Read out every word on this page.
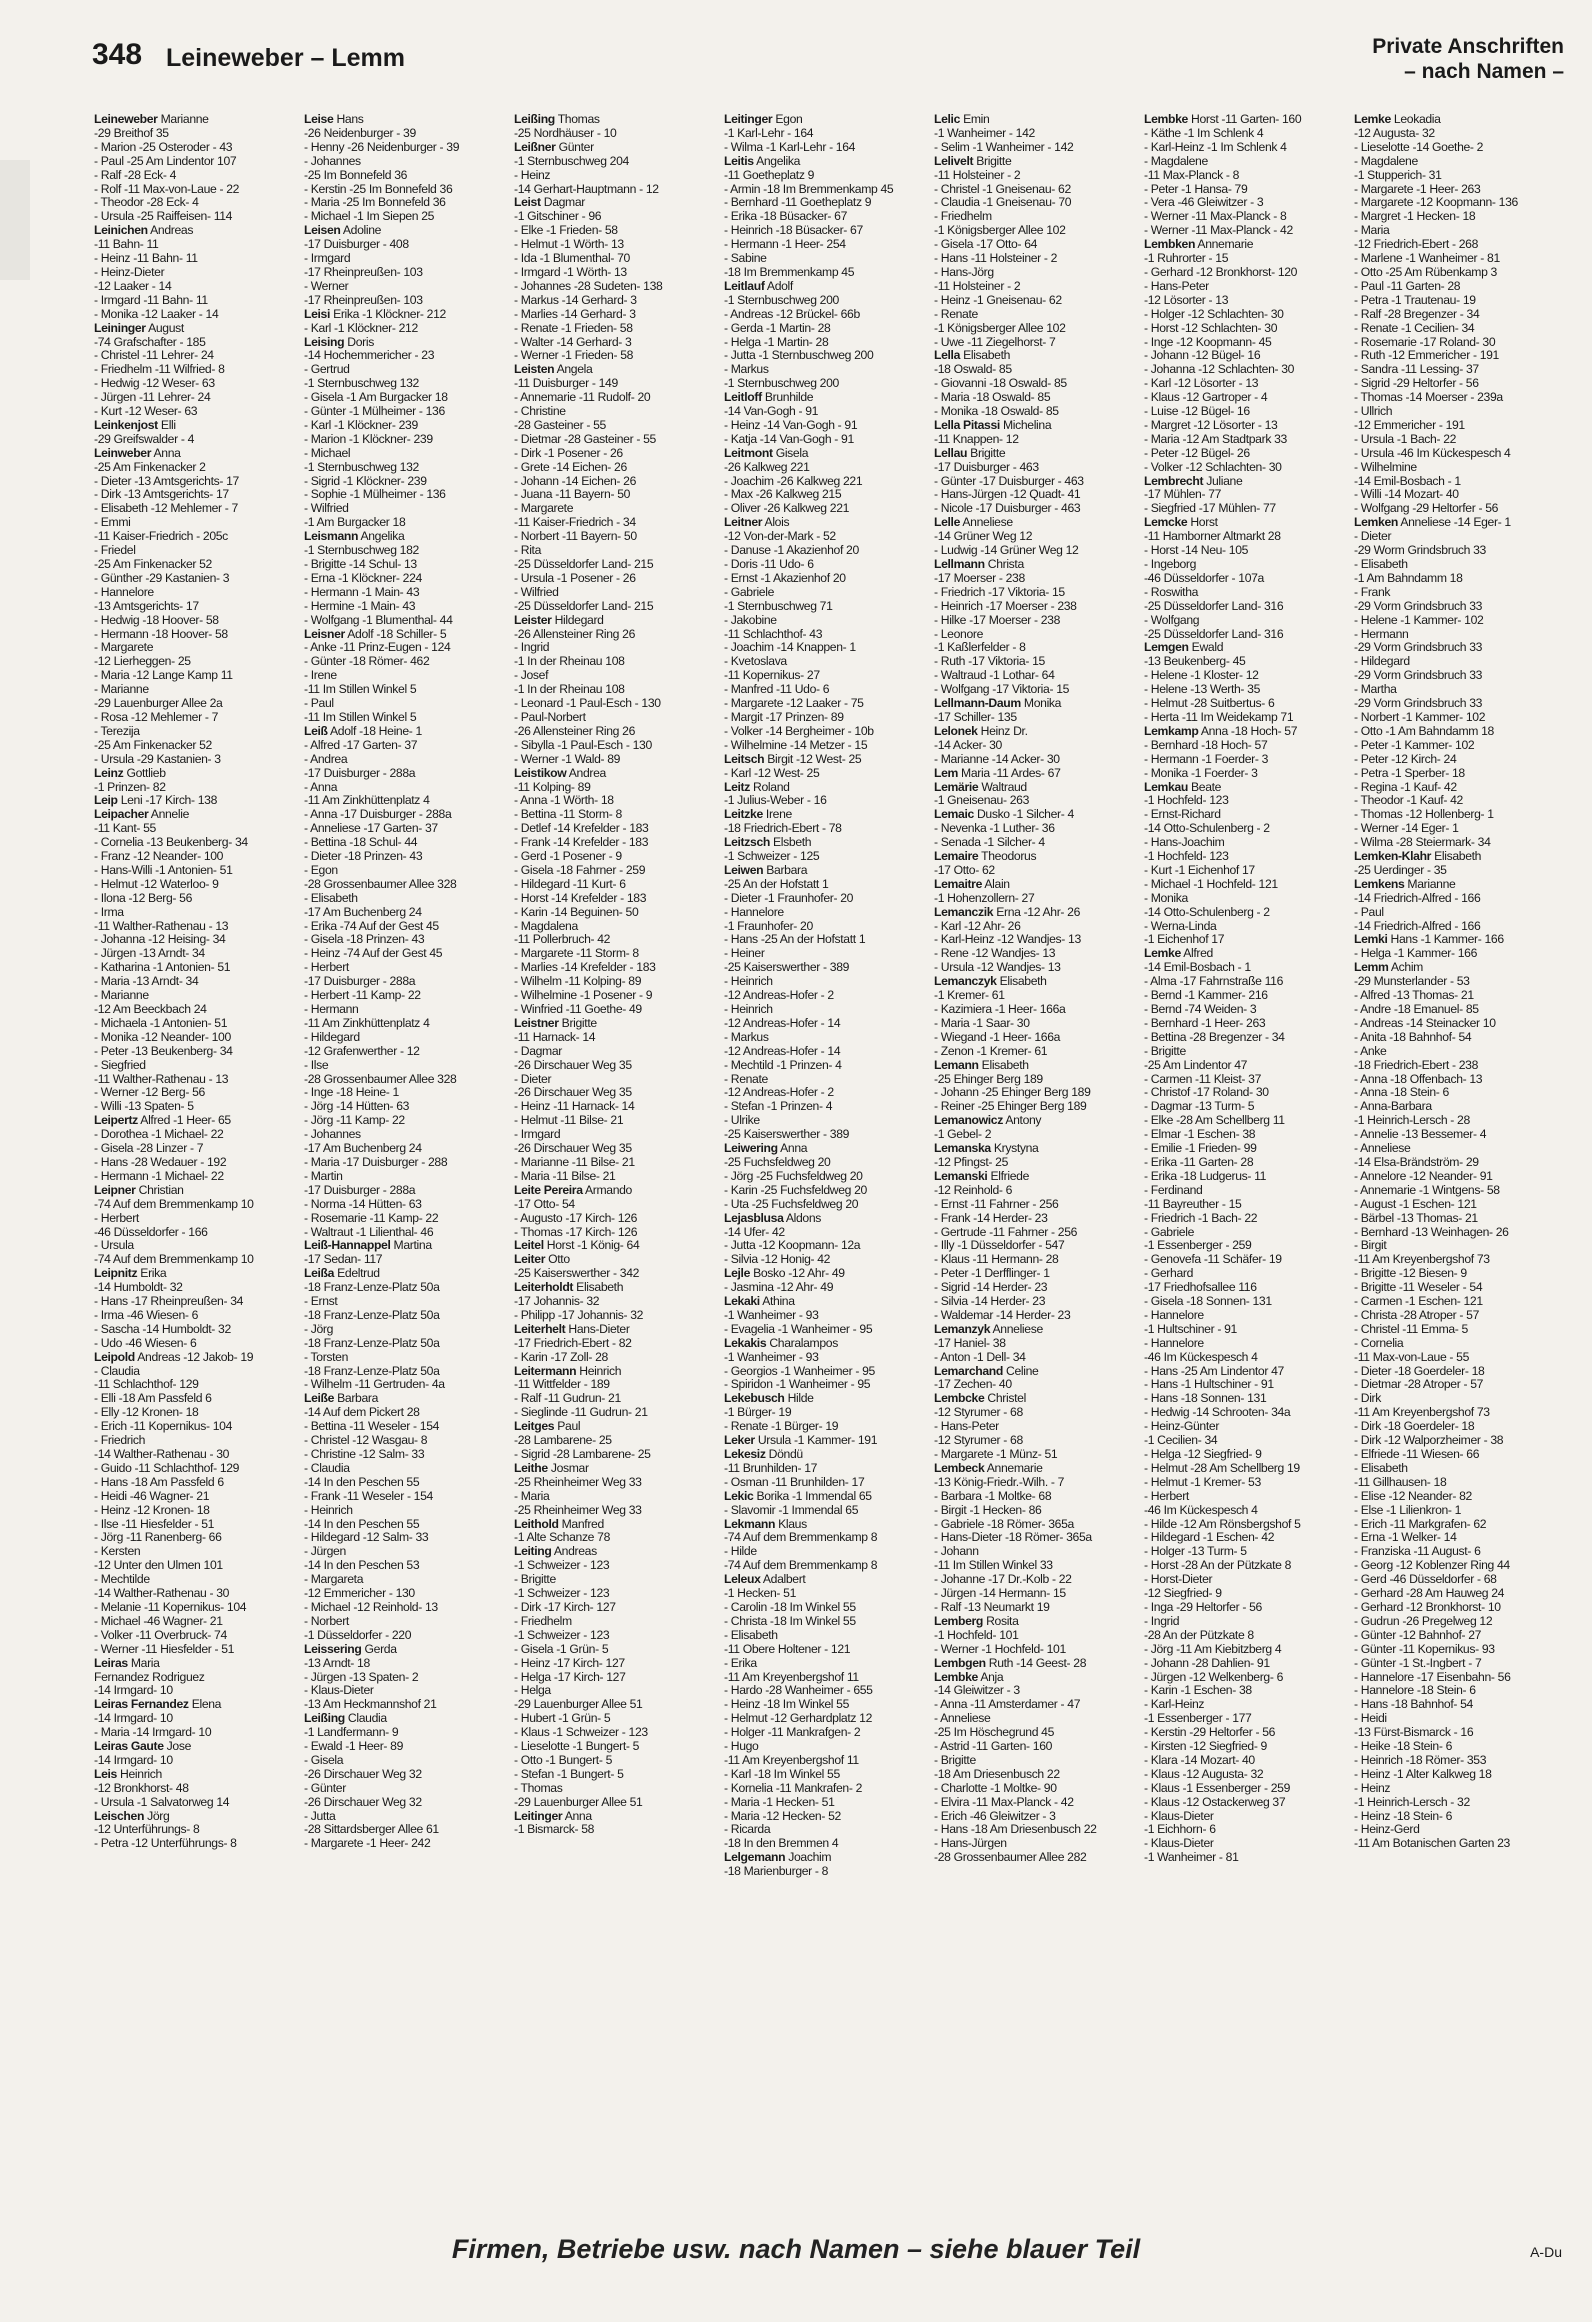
348 Leineweber – Lemm	Private Anschriften
– nach Namen –
Leineweber Marianne
-29 Breithof 35
- Marion -25 Osteroder - 43
- Paul -25 Am Lindentor 107
- Ralf -28 Eck- 4
- Rolf -11 Max-von-Laue - 22
- Theodor -28 Eck- 4
- Ursula -25 Raiffeisen- 114
Leinichen Andreas
-11 Bahn- 11
- Heinz -11 Bahn- 11
- Heinz-Dieter
-12 Laaker - 14
- Irmgard -11 Bahn- 11
- Monika -12 Laaker - 14
Leininger August
-74 Grafschafter - 185
- Christel -11 Lehrer- 24
- Friedhelm -11 Wilfried- 8
- Hedwig -12 Weser- 63
- Jürgen -11 Lehrer- 24
- Kurt -12 Weser- 63
Leinkenjost Elli
-29 Greifswalder - 4
Leinweber Anna
-25 Am Finkenacker 2
- Dieter -13 Amtsgerichts- 17
- Dirk -13 Amtsgerichts- 17
- Elisabeth -12 Mehlemer - 7
- Emmi
-11 Kaiser-Friedrich - 205c
- Friedel
-25 Am Finkenacker 52
- Günther -29 Kastanien- 3
- Hannelore
-13 Amtsgerichts- 17
- Hedwig -18 Hoover- 58
- Hermann -18 Hoover- 58
- Margarete
-12 Lierheggen- 25
- Maria -12 Lange Kamp 11
- Marianne
-29 Lauenburger Allee 2a
- Rosa -12 Mehlemer - 7
- Terezija
-25 Am Finkenacker 52
- Ursula -29 Kastanien- 3
Leinz Gottlieb
-1 Prinzen- 82
Leip Leni -17 Kirch- 138
Leipacher Annelie
-11 Kant- 55
- Cornelia -13 Beukenberg- 34
- Franz -12 Neander- 100
- Hans-Willi -1 Antonien- 51
- Helmut -12 Waterloo- 9
- Ilona -12 Berg- 56
- Irma
-11 Walther-Rathenau - 13
- Johanna -12 Heising- 34
- Jürgen -13 Arndt- 34
- Katharina -1 Antonien- 51
- Maria -13 Arndt- 34
- Marianne
-12 Am Beeckbach 24
- Michaela -1 Antonien- 51
- Monika -12 Neander- 100
- Peter -13 Beukenberg- 34
- Siegfried
-11 Walther-Rathenau - 13
- Werner -12 Berg- 56
- Willi -13 Spaten- 5
Leipertz Alfred -1 Heer- 65
- Dorothea -1 Michael- 22
- Gisela -28 Linzer - 7
- Hans -28 Wedauer - 192
- Hermann -1 Michael- 22
Leipner Christian
-74 Auf dem Bremmenkamp 10
- Herbert
-46 Düsseldorfer - 166
- Ursula
-74 Auf dem Bremmenkamp 10
Leipnitz Erika
-14 Humboldt- 32
- Hans -17 Rheinpreußen- 34
- Irma -46 Wiesen- 6
- Sascha -14 Humboldt- 32
- Udo -46 Wiesen- 6
Leipold Andreas -12 Jakob- 19
- Claudia
-11 Schlachthof- 129
- Elli -18 Am Passfeld 6
- Elly -12 Kronen- 18
- Erich -11 Kopernikus- 104
- Friedrich
-14 Walther-Rathenau - 30
- Guido -11 Schlachthof- 129
- Hans -18 Am Passfeld 6
- Heidi -46 Wagner- 21
- Heinz -12 Kronen- 18
- Ilse -11 Hiesfelder - 51
- Jörg -11 Ranenberg- 66
- Kersten
-12 Unter den Ulmen 101
- Mechtilde
-14 Walther-Rathenau - 30
- Melanie -11 Kopernikus- 104
- Michael -46 Wagner- 21
- Volker -11 Overbruck- 74
- Werner -11 Hiesfelder - 51
Leiras Maria
Fernandez Rodriguez
-14 Irmgard- 10
Leiras Fernandez Elena
-14 Irmgard- 10
- Maria -14 Irmgard- 10
Leiras Gaute Jose
-14 Irmgard- 10
Leis Heinrich
-12 Bronkhorst- 48
- Ursula -1 Salvatorweg 14
Leischen Jörg
-12 Unterführungs- 8
- Petra -12 Unterführungs- 8
Leise Hans
-26 Neidenburger - 39
- Henny -26 Neidenburger - 39
- Johannes
-25 Im Bonnefeld 36
- Kerstin -25 Im Bonnefeld 36
- Maria -25 Im Bonnefeld 36
- Michael -1 Im Siepen 25
Leisen Adoline
-17 Duisburger - 408
- Irmgard
-17 Rheinpreußen- 103
- Werner
-17 Rheinpreußen- 103
Leisi Erika -1 Klöckner- 212
- Karl -1 Klöckner- 212
Leising Doris
-14 Hochemmericher - 23
- Gertrud
-1 Sternbuschweg 132
- Gisela -1 Am Burgacker 18
- Günter -1 Mülheimer - 136
- Karl -1 Klöckner- 239
- Marion -1 Klöckner- 239
- Michael
-1 Sternbuschweg 132
- Sigrid -1 Klöckner- 239
- Sophie -1 Mülheimer - 136
- Wilfried
-1 Am Burgacker 18
Leismann Angelika
-1 Sternbuschweg 182
- Brigitte -14 Schul- 13
- Erna -1 Klöckner- 224
- Hermann -1 Main- 43
- Hermine -1 Main- 43
- Wolfgang -1 Blumenthal- 44
Leisner Adolf -18 Schiller- 5
- Anke -11 Prinz-Eugen - 124
- Günter -18 Römer- 462
- Irene
-11 Im Stillen Winkel 5
- Paul
-11 Im Stillen Winkel 5
Leiß Adolf -18 Heine- 1
- Alfred -17 Garten- 37
- Andrea
-17 Duisburger - 288a
- Anna
-11 Am Zinkhüttenplatz 4
- Anna -17 Duisburger - 288a
- Anneliese -17 Garten- 37
- Bettina -18 Schul- 44
- Dieter -18 Prinzen- 43
- Egon
-28 Grossenbaumer Allee 328
- Elisabeth
-17 Am Buchenberg 24
- Erika -74 Auf der Gest 45
- Gisela -18 Prinzen- 43
- Heinz -74 Auf der Gest 45
- Herbert
-17 Duisburger - 288a
- Herbert -11 Kamp- 22
- Hermann
-11 Am Zinkhüttenplatz 4
- Hildegard
-12 Grafenwerther - 12
- Ilse
-28 Grossenbaumer Allee 328
- Inge -18 Heine- 1
- Jörg -14 Hütten- 63
- Jörg -11 Kamp- 22
- Johannes
-17 Am Buchenberg 24
- Maria -17 Duisburger - 288
- Martin
-17 Duisburger - 288a
- Norma -14 Hütten- 63
- Rosemarie -11 Kamp- 22
- Waltraut -1 Lilienthal- 46
Leiß-Hannappel Martina
-17 Sedan- 117
Leißa Edeltrud
-18 Franz-Lenze-Platz 50a
- Ernst
-18 Franz-Lenze-Platz 50a
- Jörg
-18 Franz-Lenze-Platz 50a
- Torsten
-18 Franz-Lenze-Platz 50a
- Wilhelm -11 Gertruden- 4a
Leiße Barbara
-14 Auf dem Pickert 28
- Bettina -11 Weseler - 154
- Christel -12 Wasgau- 8
- Christine -12 Salm- 33
- Claudia
-14 In den Peschen 55
- Frank -11 Weseler - 154
- Heinrich
-14 In den Peschen 55
- Hildegard -12 Salm- 33
- Jürgen
-14 In den Peschen 53
- Margareta
-12 Emmericher - 130
- Michael -12 Reinhold- 13
- Norbert
-1 Düsseldorfer - 220
Leissering Gerda
-13 Arndt- 18
- Jürgen -13 Spaten- 2
- Klaus-Dieter
-13 Am Heckmannshof 21
Leißing Claudia
-1 Landfermann- 9
- Ewald -1 Heer- 89
- Gisela
-26 Dirschauer Weg 32
- Günter
-26 Dirschauer Weg 32
- Jutta
-28 Sittardsberger Allee 61
- Margarete -1 Heer- 242
Leißing Thomas
-25 Nordhäuser - 10
Leißner Günter
-1 Sternbuschweg 204
- Heinz
-14 Gerhart-Hauptmann - 12
Leist Dagmar
-1 Gitschiner - 96
- Elke -1 Frieden- 58
- Helmut -1 Wörth- 13
- Ida -1 Blumenthal- 70
- Irmgard -1 Wörth- 13
- Johannes -28 Sudeten- 138
- Markus -14 Gerhard- 3
- Marlies -14 Gerhard- 3
- Renate -1 Frieden- 58
- Walter -14 Gerhard- 3
- Werner -1 Frieden- 58
Leisten Angela
-11 Duisburger - 149
- Annemarie -11 Rudolf- 20
- Christine
-28 Gasteiner - 55
- Dietmar -28 Gasteiner - 55
- Dirk -1 Posener - 26
- Grete -14 Eichen- 26
- Johann -14 Eichen- 26
- Juana -11 Bayern- 50
- Margarete
-11 Kaiser-Friedrich - 34
- Norbert -11 Bayern- 50
- Rita
-25 Düsseldorfer Land- 215
- Ursula -1 Posener - 26
- Wilfried
-25 Düsseldorfer Land- 215
Leister Hildegard
-26 Allensteiner Ring 26
- Ingrid
-1 In der Rheinau 108
- Josef
-1 In der Rheinau 108
- Leonard -1 Paul-Esch - 130
- Paul-Norbert
-26 Allensteiner Ring 26
- Sibylla -1 Paul-Esch - 130
- Werner -1 Wald- 89
Leistikow Andrea
-11 Kolping- 89
- Anna -1 Wörth- 18
- Bettina -11 Storm- 8
- Detlef -14 Krefelder - 183
- Frank -14 Krefelder - 183
- Gerd -1 Posener - 9
- Gisela -18 Fahrner - 259
- Hildegard -11 Kurt- 6
- Horst -14 Krefelder - 183
- Karin -14 Beguinen- 50
- Magdalena
-11 Pollerbruch- 42
- Margarete -11 Storm- 8
- Marlies -14 Krefelder - 183
- Wilhelm -11 Kolping- 89
- Wilhelmine -1 Posener - 9
- Winfried -11 Goethe- 49
Leistner Brigitte
-11 Harnack- 14
- Dagmar
-26 Dirschauer Weg 35
- Dieter
-26 Dirschauer Weg 35
- Heinz -11 Harnack- 14
- Helmut -11 Bilse- 21
- Irmgard
-26 Dirschauer Weg 35
- Marianne -11 Bilse- 21
- Maria -11 Bilse- 21
Leite Pereira Armando
-17 Otto- 54
- Augusto -17 Kirch- 126
- Thomas -17 Kirch- 126
Leitel Horst -1 König- 64
Leiter Otto
-25 Kaiserswerther - 342
Leiterholdt Elisabeth
-17 Johannis- 32
- Philipp -17 Johannis- 32
Leiterhelt Hans-Dieter
-17 Friedrich-Ebert - 82
- Karin -17 Zoll- 28
Leitermann Heinrich
-11 Wittfelder - 189
- Ralf -11 Gudrun- 21
- Sieglinde -11 Gudrun- 21
Leitges Paul
-28 Lambarene- 25
- Sigrid -28 Lambarene- 25
Leithe Josmar
-25 Rheinheimer Weg 33
- Maria
-25 Rheinheimer Weg 33
Leithold Manfred
-1 Alte Schanze 78
Leiting Andreas
-1 Schweizer - 123
- Brigitte
-1 Schweizer - 123
- Dirk -17 Kirch- 127
- Friedhelm
-1 Schweizer - 123
- Gisela -1 Grün- 5
- Heinz -17 Kirch- 127
- Helga -17 Kirch- 127
- Helga
-29 Lauenburger Allee 51
- Hubert -1 Grün- 5
- Klaus -1 Schweizer - 123
- Lieselotte -1 Bungert- 5
- Otto -1 Bungert- 5
- Stefan -1 Bungert- 5
- Thomas
-29 Lauenburger Allee 51
Leitinger Anna
-1 Bismarck- 58
Leitinger Egon
-1 Karl-Lehr - 164
- Wilma -1 Karl-Lehr - 164
Leitis Angelika
-11 Goetheplatz 9
- Armin -18 Im Bremmenkamp 45
- Bernhard -11 Goetheplatz 9
- Erika -18 Büsacker- 67
- Heinrich -18 Büsacker- 67
- Hermann -1 Heer- 254
- Sabine
-18 Im Bremmenkamp 45
Leitlauf Adolf
-1 Sternbuschweg 200
- Andreas -12 Brückel- 66b
- Gerda -1 Martin- 28
- Helga -1 Martin- 28
- Jutta -1 Sternbuschweg 200
- Markus
-1 Sternbuschweg 200
Leitloff Brunhilde
-14 Van-Gogh - 91
- Heinz -14 Van-Gogh - 91
- Katja -14 Van-Gogh - 91
Leitmont Gisela
-26 Kalkweg 221
- Joachim -26 Kalkweg 221
- Max -26 Kalkweg 215
- Oliver -26 Kalkweg 221
Leitner Alois
-12 Von-der-Mark - 52
- Danuse -1 Akazienhof 20
- Doris -11 Udo- 6
- Ernst -1 Akazienhof 20
- Gabriele
-1 Sternbuschweg 71
- Jakobine
-11 Schlachthof- 43
- Joachim -14 Knappen- 1
- Kvetoslava
-11 Kopernikus- 27
- Manfred -11 Udo- 6
- Margarete -12 Laaker - 75
- Margit -17 Prinzen- 89
- Volker -14 Bergheimer - 10b
- Wilhelmine -14 Metzer - 15
Leitsch Birgit -12 West- 25
- Karl -12 West- 25
Leitz Roland
-1 Julius-Weber - 16
Leitzke Irene
-18 Friedrich-Ebert - 78
Leitzsch Elsbeth
-1 Schweizer - 125
Leiwen Barbara
-25 An der Hofstatt 1
- Dieter -1 Fraunhofer- 20
- Hannelore
-1 Fraunhofer- 20
- Hans -25 An der Hofstatt 1
- Heiner
-25 Kaiserswerther - 389
- Heinrich
-12 Andreas-Hofer - 2
- Heinrich
-12 Andreas-Hofer - 14
- Markus
-12 Andreas-Hofer - 14
- Mechtild -1 Prinzen- 4
- Renate
-12 Andreas-Hofer - 2
- Stefan -1 Prinzen- 4
- Ulrike
-25 Kaiserswerther - 389
Leiwering Anna
-25 Fuchsfeldweg 20
- Jörg -25 Fuchsfeldweg 20
- Karin -25 Fuchsfeldweg 20
- Uta -25 Fuchsfeldweg 20
Lejasblusa Aldons
-14 Ufer- 42
- Jutta -12 Koopmann- 12a
- Silvia -12 Honig- 42
Lejle Bosko -12 Ahr- 49
- Jasmina -12 Ahr- 49
Lekaki Athina
-1 Wanheimer - 93
- Evagelia -1 Wanheimer - 95
Lekakis Charalampos
-1 Wanheimer - 93
- Georgios -1 Wanheimer - 95
- Spiridon -1 Wanheimer - 95
Lekebusch Hilde
-1 Bürger- 19
- Renate -1 Bürger- 19
Leker Ursula -1 Kammer- 191
Lekesiz Döndü
-11 Brunhilden- 17
- Osman -11 Brunhilden- 17
Lekic Borika -1 Immendal 65
- Slavomir -1 Immendal 65
Lekmann Klaus
-74 Auf dem Bremmenkamp 8
- Hilde
-74 Auf dem Bremmenkamp 8
Leleux Adalbert
-1 Hecken- 51
- Carolin -18 Im Winkel 55
- Christa -18 Im Winkel 55
- Elisabeth
-11 Obere Holtener - 121
- Erika
-11 Am Kreyenbergshof 11
- Hardo -28 Wanheimer - 655
- Heinz -18 Im Winkel 55
- Helmut -12 Gerhardplatz 12
- Holger -11 Mankrafgen- 2
- Hugo
-11 Am Kreyenbergshof 11
- Karl -18 Im Winkel 55
- Kornelia -11 Mankrafen- 2
- Maria -1 Hecken- 51
- Maria -12 Hecken- 52
- Ricarda
-18 In den Bremmen 4
Lelgemann Joachim
-18 Marienburger - 8
Lelic Emin
-1 Wanheimer - 142
- Selim -1 Wanheimer - 142
Lelivelt Brigitte
-11 Holsteiner - 2
- Christel -1 Gneisenau- 62
- Claudia -1 Gneisenau- 70
- Friedhelm
-1 Königsberger Allee 102
- Gisela -17 Otto- 64
- Hans -11 Holsteiner - 2
- Hans-Jörg
-11 Holsteiner - 2
- Heinz -1 Gneisenau- 62
- Renate
-1 Königsberger Allee 102
- Uwe -11 Ziegelhorst- 7
Lella Elisabeth
-18 Oswald- 85
- Giovanni -18 Oswald- 85
- Maria -18 Oswald- 85
- Monika -18 Oswald- 85
Lella Pitassi Michelina
-11 Knappen- 12
Lellau Brigitte
-17 Duisburger - 463
- Günter -17 Duisburger - 463
- Hans-Jürgen -12 Quadt- 41
- Nicole -17 Duisburger - 463
Lelle Anneliese
-14 Grüner Weg 12
- Ludwig -14 Grüner Weg 12
Lellmann Christa
-17 Moerser - 238
- Friedrich -17 Viktoria- 15
- Heinrich -17 Moerser - 238
- Hilke -17 Moerser - 238
- Leonore
-1 Kaßlerfelder - 8
- Ruth -17 Viktoria- 15
- Waltraud -1 Lothar- 64
- Wolfgang -17 Viktoria- 15
Lellmann-Daum Monika
-17 Schiller- 135
Lelonek Heinz Dr.
-14 Acker- 30
- Marianne -14 Acker- 30
Lem Maria -11 Ardes- 67
Lemärie Waltraud
-1 Gneisenau- 263
Lemaic Dusko -1 Silcher- 4
- Nevenka -1 Luther- 36
- Senada -1 Silcher- 4
Lemaire Theodorus
-17 Otto- 62
Lemaitre Alain
-1 Hohenzollern- 27
Lemanczik Erna -12 Ahr- 26
- Karl -12 Ahr- 26
- Karl-Heinz -12 Wandjes- 13
- Rene -12 Wandjes- 13
- Ursula -12 Wandjes- 13
Lemanczyk Elisabeth
-1 Kremer- 61
- Kazimiera -1 Heer- 166a
- Maria -1 Saar- 30
- Wiegand -1 Heer- 166a
- Zenon -1 Kremer- 61
Lemann Elisabeth
-25 Ehinger Berg 189
- Johann -25 Ehinger Berg 189
- Reiner -25 Ehinger Berg 189
Lemanowicz Antony
-1 Gebel- 2
Lemanska Krystyna
-12 Pfingst- 25
Lemanski Elfriede
-12 Reinhold- 6
- Ernst -11 Fahrner - 256
- Frank -14 Herder- 23
- Gertrude -11 Fahrner - 256
- Illy -1 Düsseldorfer - 547
- Klaus -11 Hermann- 28
- Peter -1 Derfflinger- 1
- Sigrid -14 Herder- 23
- Silvia -14 Herder- 23
- Waldemar -14 Herder- 23
Lemanzyk Anneliese
-17 Haniel- 38
- Anton -1 Dell- 34
Lemarchand Celine
-17 Zechen- 40
Lembcke Christel
-12 Styrumer - 68
- Hans-Peter
-12 Styrumer - 68
- Margarete -1 Münz- 51
Lembeck Annemarie
-13 König-Friedr.-Wilh. - 7
- Barbara -1 Moltke- 68
- Birgit -1 Hecken- 86
- Gabriele -18 Römer- 365a
- Hans-Dieter -18 Römer- 365a
- Johann
-11 Im Stillen Winkel 33
- Johanne -17 Dr.-Kolb - 22
- Jürgen -14 Hermann- 15
- Ralf -13 Neumarkt 19
Lemberg Rosita
-1 Hochfeld- 101
- Werner -1 Hochfeld- 101
Lembgen Ruth -14 Geest- 28
Lembke Anja
-14 Gleiwitzer - 3
- Anna -11 Amsterdamer - 47
- Anneliese
-25 Im Höschegrund 45
- Astrid -11 Garten- 160
- Brigitte
-18 Am Driesenbusch 22
- Charlotte -1 Moltke- 90
- Elvira -11 Max-Planck - 42
- Erich -46 Gleiwitzer - 3
- Hans -18 Am Driesenbusch 22
- Hans-Jürgen
-28 Grossenbaumer Allee 282
Lembke Horst -11 Garten- 160
- Käthe -1 Im Schlenk 4
- Karl-Heinz -1 Im Schlenk 4
- Magdalene
-11 Max-Planck - 8
- Peter -1 Hansa- 79
- Vera -46 Gleiwitzer - 3
- Werner -11 Max-Planck - 8
- Werner -11 Max-Planck - 42
Lembken Annemarie
-1 Ruhrorter - 15
- Gerhard -12 Bronkhorst- 120
- Hans-Peter
-12 Lösorter - 13
- Holger -12 Schlachten- 30
- Horst -12 Schlachten- 30
- Inge -12 Koopmann- 45
- Johann -12 Bügel- 16
- Johanna -12 Schlachten- 30
- Karl -12 Lösorter - 13
- Klaus -12 Gartroper - 4
- Luise -12 Bügel- 16
- Margret -12 Lösorter - 13
- Maria -12 Am Stadtpark 33
- Peter -12 Bügel- 26
- Volker -12 Schlachten- 30
Lembrecht Juliane
-17 Mühlen- 77
- Siegfried -17 Mühlen- 77
Lemcke Horst
-11 Hamborner Altmarkt 28
- Horst -14 Neu- 105
- Ingeborg
-46 Düsseldorfer - 107a
- Roswitha
-25 Düsseldorfer Land- 316
- Wolfgang
-25 Düsseldorfer Land- 316
Lemgen Ewald
-13 Beukenberg- 45
- Helene -1 Kloster- 12
- Helene -13 Werth- 35
- Helmut -28 Suitbertus- 6
- Herta -11 Im Weidekamp 71
Lemkamp Anna -18 Hoch- 57
- Bernhard -18 Hoch- 57
- Hermann -1 Foerder- 3
- Monika -1 Foerder- 3
Lemkau Beate
-1 Hochfeld- 123
- Ernst-Richard
-14 Otto-Schulenberg - 2
- Hans-Joachim
-1 Hochfeld- 123
- Kurt -1 Eichenhof 17
- Michael -1 Hochfeld- 121
- Monika
-14 Otto-Schulenberg - 2
- Werna-Linda
-1 Eichenhof 17
Lemke Alfred
-14 Emil-Bosbach - 1
- Alma -17 Fahrnstraße 116
- Bernd -1 Kammer- 216
- Bernd -74 Weiden- 3
- Bernhard -1 Heer- 263
- Bettina -28 Bregenzer - 34
- Brigitte
-25 Am Lindentor 47
- Carmen -11 Kleist- 37
- Christof -17 Roland- 30
- Dagmar -13 Turm- 5
- Elke -28 Am Schellberg 11
- Elmar -1 Eschen- 38
- Emilie -1 Frieden- 99
- Erika -11 Garten- 28
- Erika -18 Ludgerus- 11
- Ferdinand
-11 Bayreuther - 15
- Friedrich -1 Bach- 22
- Gabriele
-1 Essenberger - 259
- Genovefa -11 Schäfer- 19
- Gerhard
-17 Friedhofsallee 116
- Gisela -18 Sonnen- 131
- Hannelore
-1 Hultschiner - 91
- Hannelore
-46 Im Kückespesch 4
- Hans -25 Am Lindentor 47
- Hans -1 Hultschiner - 91
- Hans -18 Sonnen- 131
- Hedwig -14 Schrooten- 34a
- Heinz-Günter
-1 Cecilien- 34
- Helga -12 Siegfried- 9
- Helmut -28 Am Schellberg 19
- Helmut -1 Kremer- 53
- Herbert
-46 Im Kückespesch 4
- Hilde -12 Am Rönsbergshof 5
- Hildegard -1 Eschen- 42
- Holger -13 Turm- 5
- Horst -28 An der Pützkate 8
- Horst-Dieter
-12 Siegfried- 9
- Inga -29 Heltorfer - 56
- Ingrid
-28 An der Pützkate 8
- Jörg -11 Am Kiebitzberg 4
- Johann -28 Dahlien- 91
- Jürgen -12 Welkenberg- 6
- Karin -1 Eschen- 38
- Karl-Heinz
-1 Essenberger - 177
- Kerstin -29 Heltorfer - 56
- Kirsten -12 Siegfried- 9
- Klara -14 Mozart- 40
- Klaus -12 Augusta- 32
- Klaus -1 Essenberger - 259
- Klaus -12 Ostackerweg 37
- Klaus-Dieter
-1 Eichhorn- 6
- Klaus-Dieter
-1 Wanheimer - 81
Lemke Leokadia
-12 Augusta- 32
- Lieselotte -14 Goethe- 2
- Magdalene
-1 Stupperich- 31
- Margarete -1 Heer- 263
- Margarete -12 Koopmann- 136
- Margret -1 Hecken- 18
- Maria
-12 Friedrich-Ebert - 268
- Marlene -1 Wanheimer - 81
- Otto -25 Am Rübenkamp 3
- Paul -11 Garten- 28
- Petra -1 Trautenau- 19
- Ralf -28 Bregenzer - 34
- Renate -1 Cecilien- 34
- Rosemarie -17 Roland- 30
- Ruth -12 Emmericher - 191
- Sandra -11 Lessing- 37
- Sigrid -29 Heltorfer - 56
- Thomas -14 Moerser - 239a
- Ullrich
-12 Emmericher - 191
- Ursula -1 Bach- 22
- Ursula -46 Im Kückespesch 4
- Wilhelmine
-14 Emil-Bosbach - 1
- Willi -14 Mozart- 40
- Wolfgang -29 Heltorfer - 56
Lemken Anneliese -14 Eger- 1
- Dieter
-29 Worm Grindsbruch 33
- Elisabeth
-1 Am Bahndamm 18
- Frank
-29 Vorm Grindsbruch 33
- Helene -1 Kammer- 102
- Hermann
-29 Vorm Grindsbruch 33
- Hildegard
-29 Vorm Grindsbruch 33
- Martha
-29 Vorm Grindsbruch 33
- Norbert -1 Kammer- 102
- Otto -1 Am Bahndamm 18
- Peter -1 Kammer- 102
- Peter -12 Kirch- 24
- Petra -1 Sperber- 18
- Regina -1 Kauf- 42
- Theodor -1 Kauf- 42
- Thomas -12 Hollenberg- 1
- Werner -14 Eger- 1
- Wilma -28 Steiermark- 34
Lemken-Klahr Elisabeth
-25 Uerdinger - 35
Lemkens Marianne
-14 Friedrich-Alfred - 166
- Paul
-14 Friedrich-Alfred - 166
Lemki Hans -1 Kammer- 166
- Helga -1 Kammer- 166
Lemm Achim
-29 Munsterlander - 53
- Alfred -13 Thomas- 21
- Andre -18 Emanuel- 85
- Andreas -14 Steinacker 10
- Anita -18 Bahnhof- 54
- Anke
-18 Friedrich-Ebert - 238
- Anna -18 Offenbach- 13
- Anna -18 Stein- 6
- Anna-Barbara
-1 Heinrich-Lersch - 28
- Annelie -13 Bessemer- 4
- Anneliese
-14 Elsa-Brändström- 29
- Annelore -12 Neander- 91
- Annemarie -1 Wintgens- 58
- August -1 Eschen- 121
- Bärbel -13 Thomas- 21
- Bernhard -13 Weinhagen- 26
- Birgit
-11 Am Kreyenbergshof 73
- Brigitte -12 Biesen- 9
- Brigitte -11 Weseler - 54
- Carmen -1 Eschen- 121
- Christa -28 Atroper - 57
- Christel -11 Emma- 5
- Cornelia
-11 Max-von-Laue - 55
- Dieter -18 Goerdeler- 18
- Dietmar -28 Atroper - 57
- Dirk
-11 Am Kreyenbergshof 73
- Dirk -18 Goerdeler- 18
- Dirk -12 Walporzheimer - 38
- Elfriede -11 Wiesen- 66
- Elisabeth
-11 Gillhausen- 18
- Elise -12 Neander- 82
- Else -1 Lilienkron- 1
- Erich -11 Markgrafen- 62
- Erna -1 Welker- 14
- Franziska -11 August- 6
- Georg -12 Koblenzer Ring 44
- Gerd -46 Düsseldorfer - 68
- Gerhard -28 Am Hauweg 24
- Gerhard -12 Bronkhorst- 10
- Gudrun -26 Pregelweg 12
- Günter -12 Bahnhof- 27
- Günter -11 Kopernikus- 93
- Günter -1 St.-Ingbert - 7
- Hannelore -17 Eisenbahn- 56
- Hannelore -18 Stein- 6
- Hans -18 Bahnhof- 54
- Heidi
-13 Fürst-Bismarck - 16
- Heike -18 Stein- 6
- Heinrich -18 Römer- 353
- Heinz -1 Alter Kalkweg 18
- Heinz
-1 Heinrich-Lersch - 32
- Heinz -18 Stein- 6
- Heinz-Gerd
-11 Am Botanischen Garten 23
Firmen, Betriebe usw. nach Namen – siehe blauer Teil	A-Du
